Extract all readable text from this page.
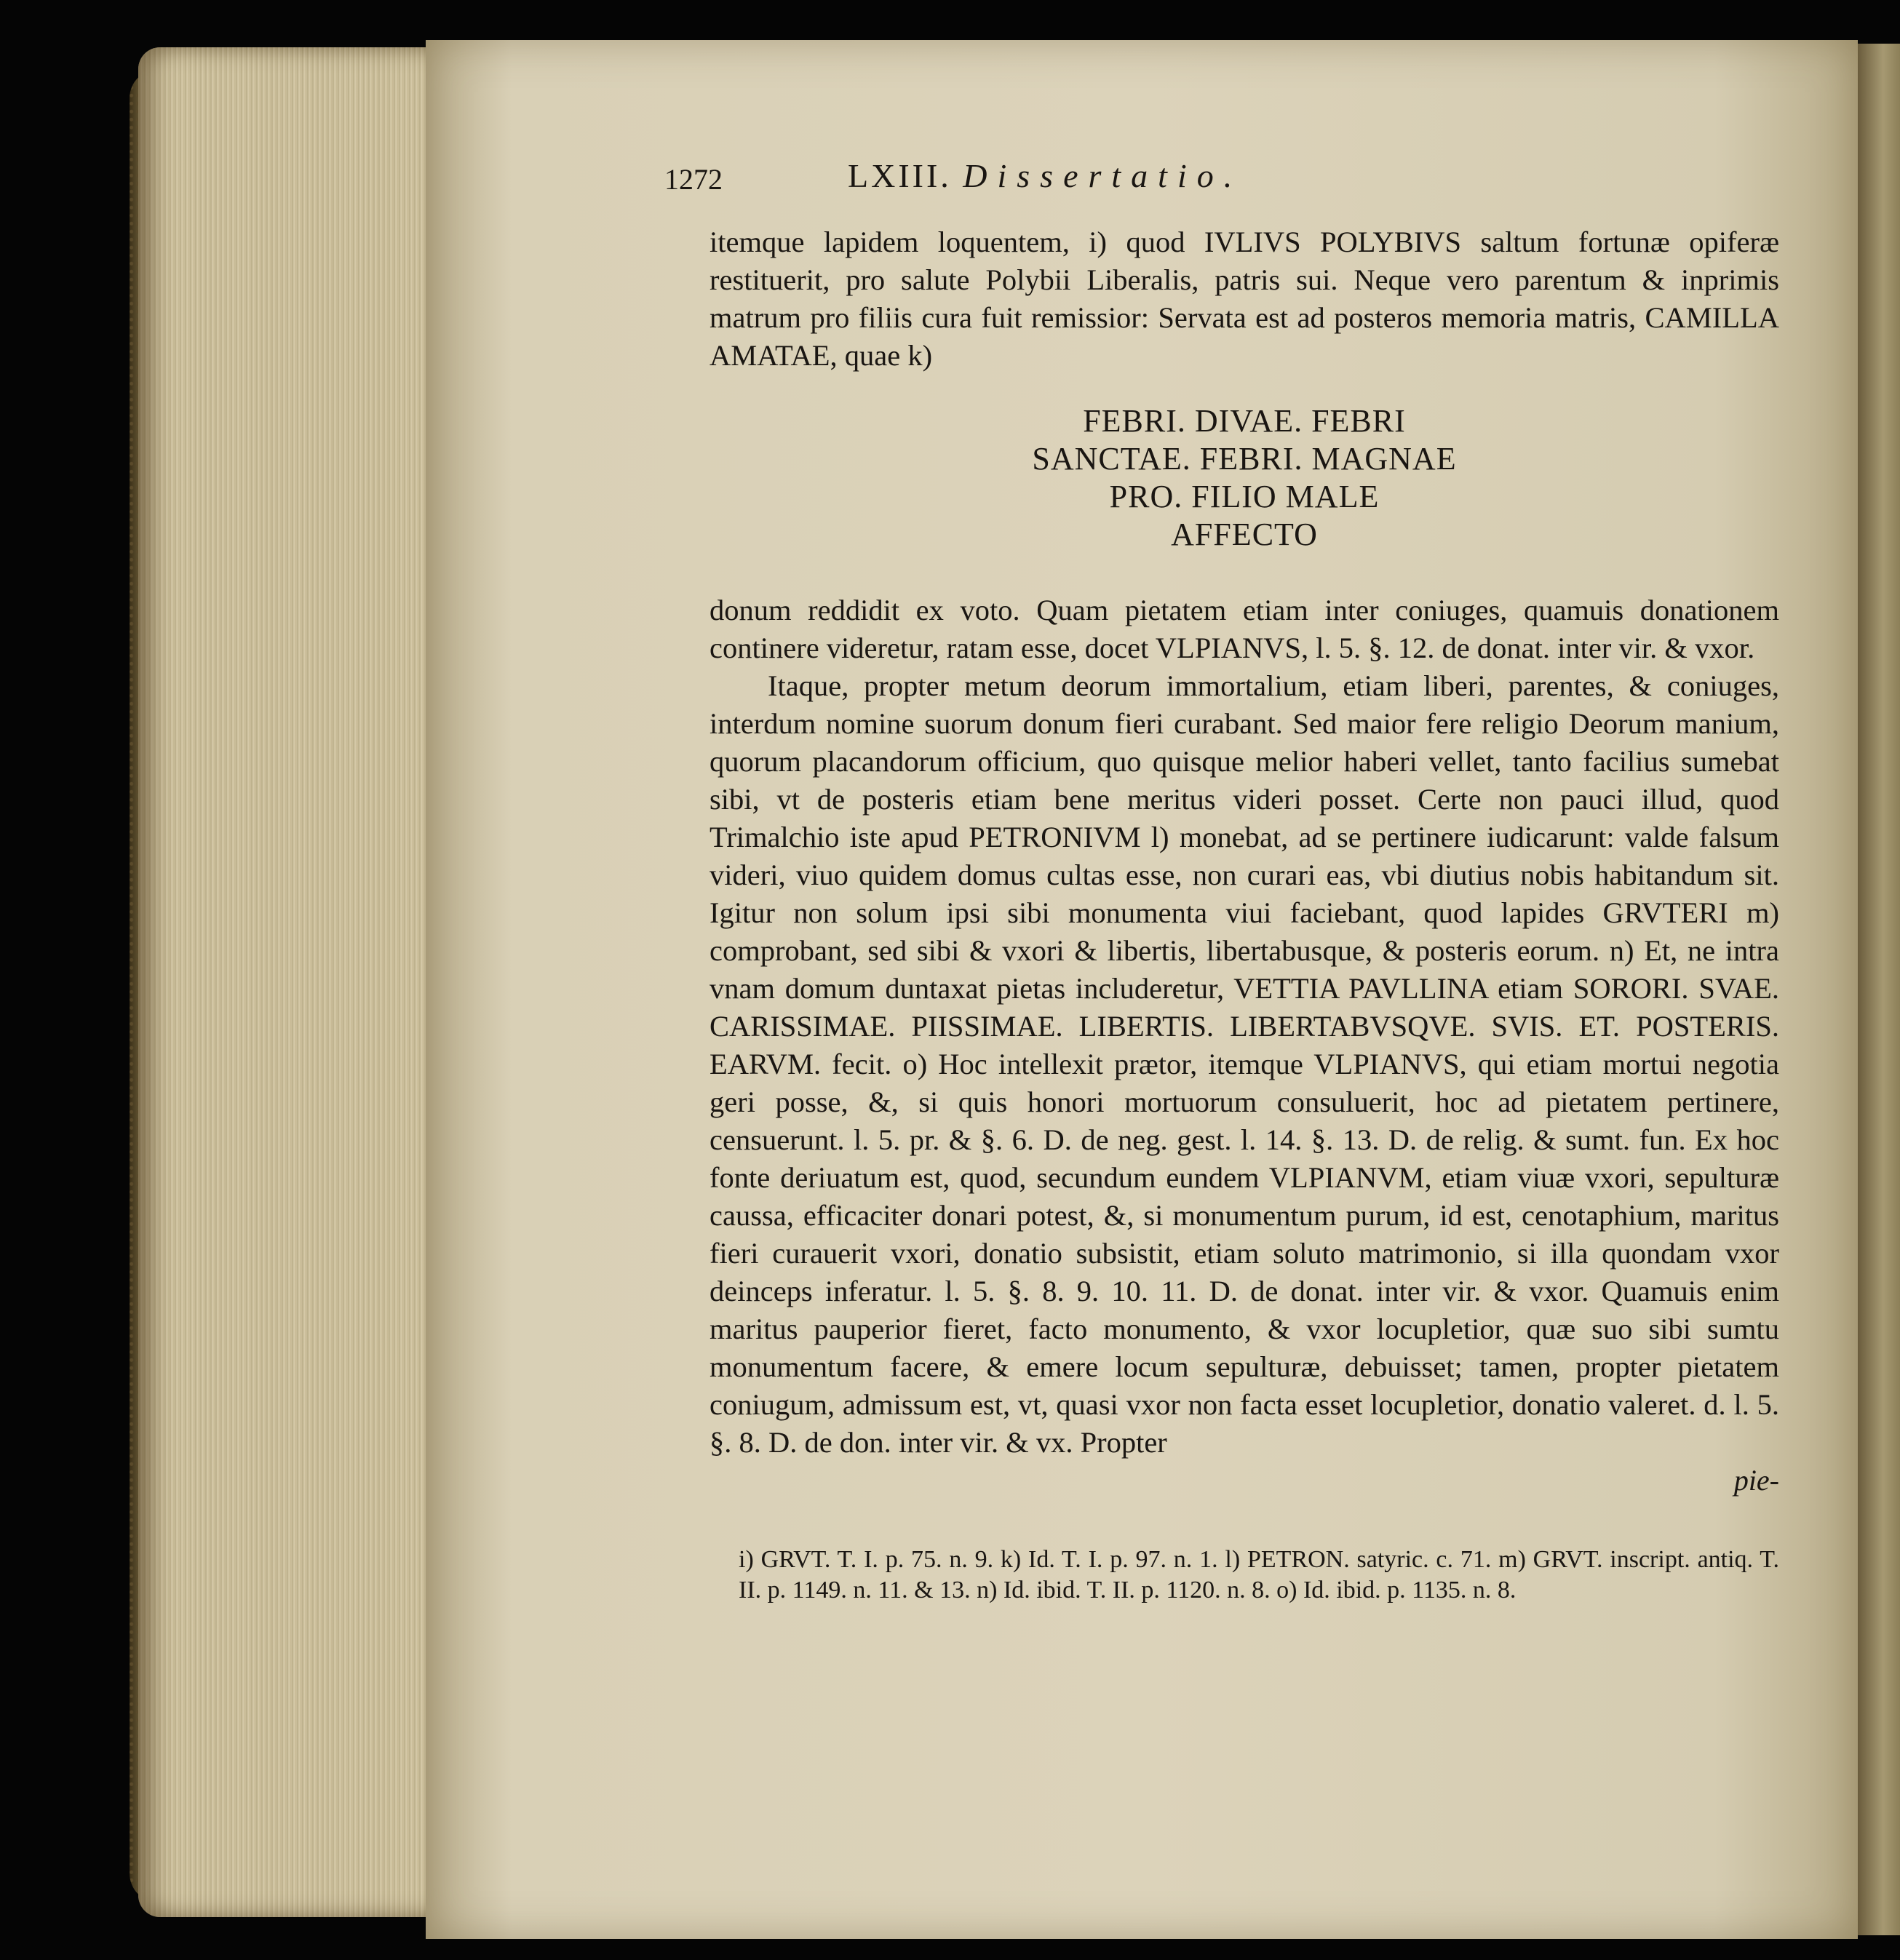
1272	LXIII. Dissertatio.

itemque lapidem loquentem, i) quod IVLIVS POLYBIVS saltum fortunæ opiferæ restituerit, pro salute Polybii Liberalis, patris sui. Neque vero parentum & inprimis matrum pro filiis cura fuit remissior: Servata est ad posteros memoria matris, CAMILLA AMATAE, quae k)

FEBRI. DIVAE. FEBRI
SANCTAE. FEBRI. MAGNAE
PRO. FILIO MALE
AFFECTO

donum reddidit ex voto. Quam pietatem etiam inter coniuges, quamuis donationem continere videretur, ratam esse, docet VLPIANVS, l. 5. §. 12. de donat. inter vir. & vxor.

Itaque, propter metum deorum immortalium, etiam liberi, parentes, & coniuges, interdum nomine suorum donum fieri curabant. Sed maior fere religio Deorum manium, quorum placandorum officium, quo quisque melior haberi vellet, tanto facilius sumebat sibi, vt de posteris etiam bene meritus videri posset. Certe non pauci illud, quod Trimalchio iste apud PETRONIVM l) monebat, ad se pertinere iudicarunt: valde falsum videri, viuo quidem domus cultas esse, non curari eas, vbi diutius nobis habitandum sit. Igitur non solum ipsi sibi monumenta viui faciebant, quod lapides GRVTERI m) comprobant, sed sibi & vxori & libertis, libertabusque, & posteris eorum. n) Et, ne intra vnam domum duntaxat pietas includeretur, VETTIA PAVLLINA etiam SORORI. SVAE. CARISSIMAE. PIISSIMAE. LIBERTIS. LIBERTABVSQVE. SVIS. ET. POSTERIS. EARVM. fecit. o) Hoc intellexit prætor, itemque VLPIANVS, qui etiam mortui negotia geri posse, &, si quis honori mortuorum consuluerit, hoc ad pietatem pertinere, censuerunt. l. 5. pr. & §. 6. D. de neg. gest. l. 14. §. 13. D. de relig. & sumt. fun. Ex hoc fonte deriuatum est, quod, secundum eundem VLPIANVM, etiam viuæ vxori, sepulturæ caussa, efficaciter donari potest, &, si monumentum purum, id est, cenotaphium, maritus fieri curauerit vxori, donatio subsistit, etiam soluto matrimonio, si illa quondam vxor deinceps inferatur. l. 5. §. 8. 9. 10. 11. D. de donat. inter vir. & vxor. Quamuis enim maritus pauperior fieret, facto monumento, & vxor locupletior, quæ suo sibi sumtu monumentum facere, & emere locum sepulturæ, debuisset; tamen, propter pietatem coniugum, admissum est, vt, quasi vxor non facta esset locupletior, donatio valeret. d. l. 5. §. 8. D. de don. inter vir. & vx. Propter

pie-
i) GRVT. T. I. p. 75. n. 9. k) Id. T. I. p. 97. n. 1. l) PETRON. satyric. c. 71. m) GRVT. inscript. antiq. T. II. p. 1149. n. 11. & 13. n) Id. ibid. T. II. p. 1120. n. 8. o) Id. ibid. p. 1135. n. 8.
